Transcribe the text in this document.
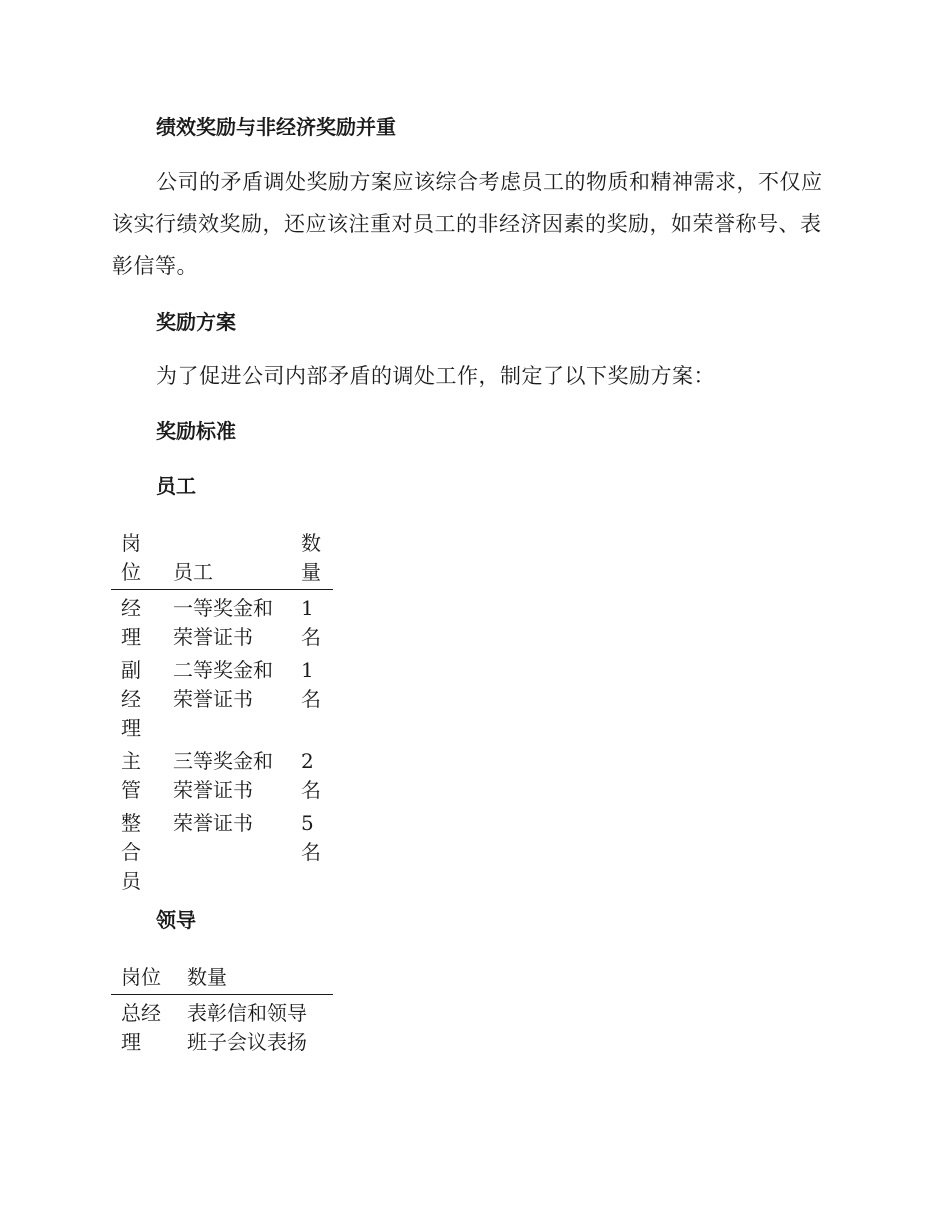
绩效奖励与非经济奖励并重

公司的矛盾调处奖励方案应该综合考虑员工的物质和精神需求，不仅应该实行绩效奖励，还应该注重对员工的非经济因素的奖励，如荣誉称号、表彰信等。

奖励方案

为了促进公司内部矛盾的调处工作，制定了以下奖励方案：

奖励标准
员工
岗位	员工	数量
经理	一等奖金和荣誉证书	1名
副经理	二等奖金和荣誉证书	1名
主管	三等奖金和荣誉证书	2名
整合员	荣誉证书	5名
领导
岗位	数量
总经理	表彰信和领导班子会议表扬
